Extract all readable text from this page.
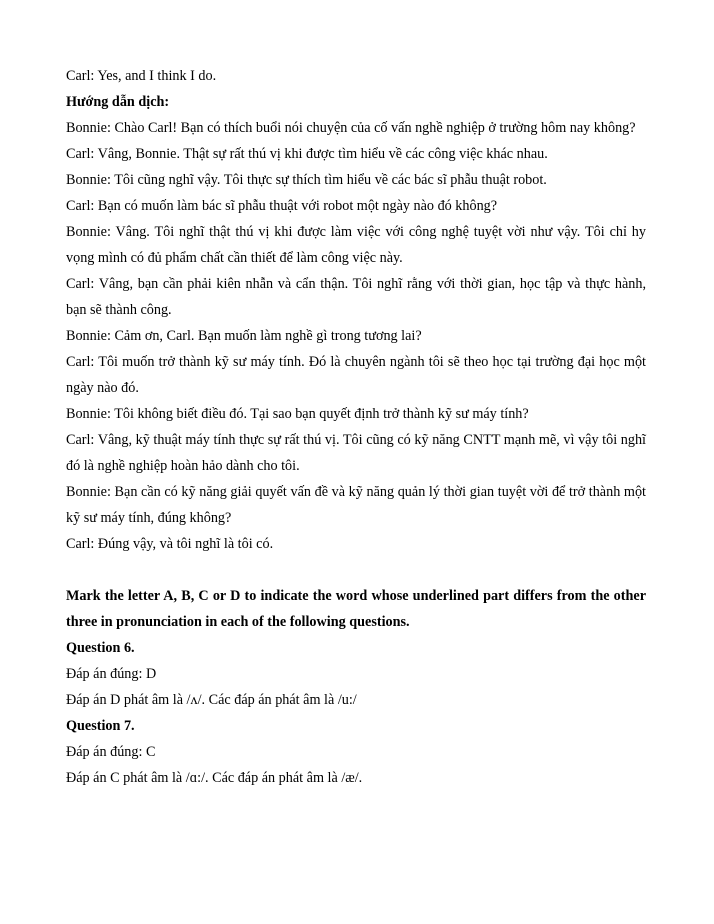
Carl: Yes, and I think I do.

Hướng dẫn dịch:

Bonnie: Chào Carl! Bạn có thích buổi nói chuyện của cố vấn nghề nghiệp ở trường hôm nay không?

Carl: Vâng, Bonnie. Thật sự rất thú vị khi được tìm hiểu về các công việc khác nhau.

Bonnie: Tôi cũng nghĩ vậy. Tôi thực sự thích tìm hiểu về các bác sĩ phẫu thuật robot.

Carl: Bạn có muốn làm bác sĩ phẫu thuật với robot một ngày nào đó không?

Bonnie: Vâng. Tôi nghĩ thật thú vị khi được làm việc với công nghệ tuyệt vời như vậy. Tôi chỉ hy vọng mình có đủ phẩm chất cần thiết để làm công việc này.

Carl: Vâng, bạn cần phải kiên nhẫn và cẩn thận. Tôi nghĩ rằng với thời gian, học tập và thực hành, bạn sẽ thành công.

Bonnie: Cảm ơn, Carl. Bạn muốn làm nghề gì trong tương lai?

Carl: Tôi muốn trở thành kỹ sư máy tính. Đó là chuyên ngành tôi sẽ theo học tại trường đại học một ngày nào đó.

Bonnie: Tôi không biết điều đó. Tại sao bạn quyết định trở thành kỹ sư máy tính?

Carl: Vâng, kỹ thuật máy tính thực sự rất thú vị. Tôi cũng có kỹ năng CNTT mạnh mẽ, vì vậy tôi nghĩ đó là nghề nghiệp hoàn hảo dành cho tôi.

Bonnie: Bạn cần có kỹ năng giải quyết vấn đề và kỹ năng quản lý thời gian tuyệt vời để trở thành một kỹ sư máy tính, đúng không?

Carl: Đúng vậy, và tôi nghĩ là tôi có.

Mark the letter A, B, C or D to indicate the word whose underlined part differs from the other three in pronunciation in each of the following questions.

Question 6.

Đáp án đúng: D

Đáp án D phát âm là /ʌ/. Các đáp án phát âm là /u:/

Question 7.

Đáp án đúng: C

Đáp án C phát âm là /ɑ:/. Các đáp án phát âm là /æ/.
